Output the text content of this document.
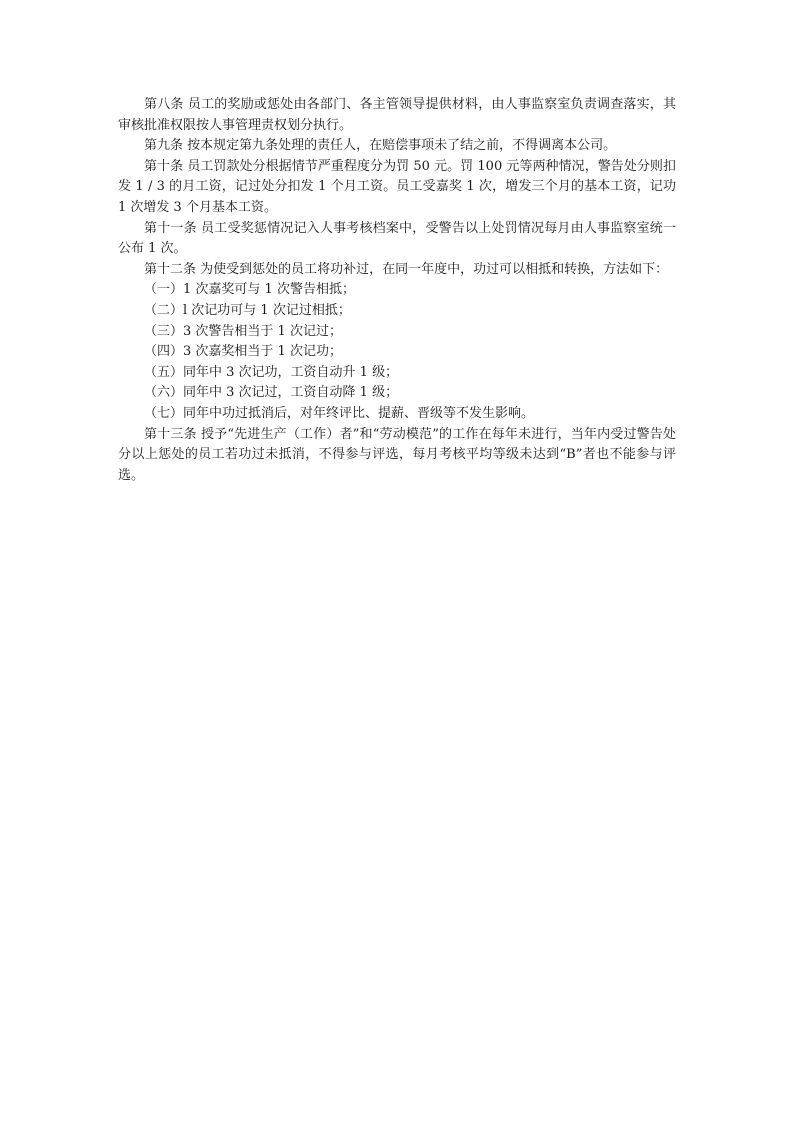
第八条 员工的奖励或惩处由各部门、各主管领导提供材料，由人事监察室负责调查落实，其审核批准权限按人事管理责权划分执行。

第九条 按本规定第九条处理的责任人，在赔偿事项未了结之前，不得调离本公司。

第十条 员工罚款处分根据情节严重程度分为罚 50 元。罚 100 元等两种情况，警告处分则扣发 1 / 3 的月工资，记过处分扣发 1 个月工资。员工受嘉奖 1 次，增发三个月的基本工资，记功 1 次增发 3 个月基本工资。

第十一条 员工受奖惩情况记入人事考核档案中，受警告以上处罚情况每月由人事监察室统一公布 1 次。

第十二条 为使受到惩处的员工将功补过，在同一年度中，功过可以相抵和转换，方法如下：

（一）1 次嘉奖可与 1 次警告相抵；

（二）l 次记功可与 1 次记过相抵；

（三）3 次警告相当于 1 次记过；

（四）3 次嘉奖相当于 1 次记功；

（五）同年中 3 次记功，工资自动升 1 级；

（六）同年中 3 次记过，工资自动降 1 级；

（七）同年中功过抵消后，对年终评比、提薪、晋级等不发生影响。

第十三条 授予“先进生产（工作）者”和“劳动模范”的工作在每年未进行，当年内受过警告处分以上惩处的员工若功过未抵消，不得参与评选，每月考核平均等级未达到“B”者也不能参与评选。
